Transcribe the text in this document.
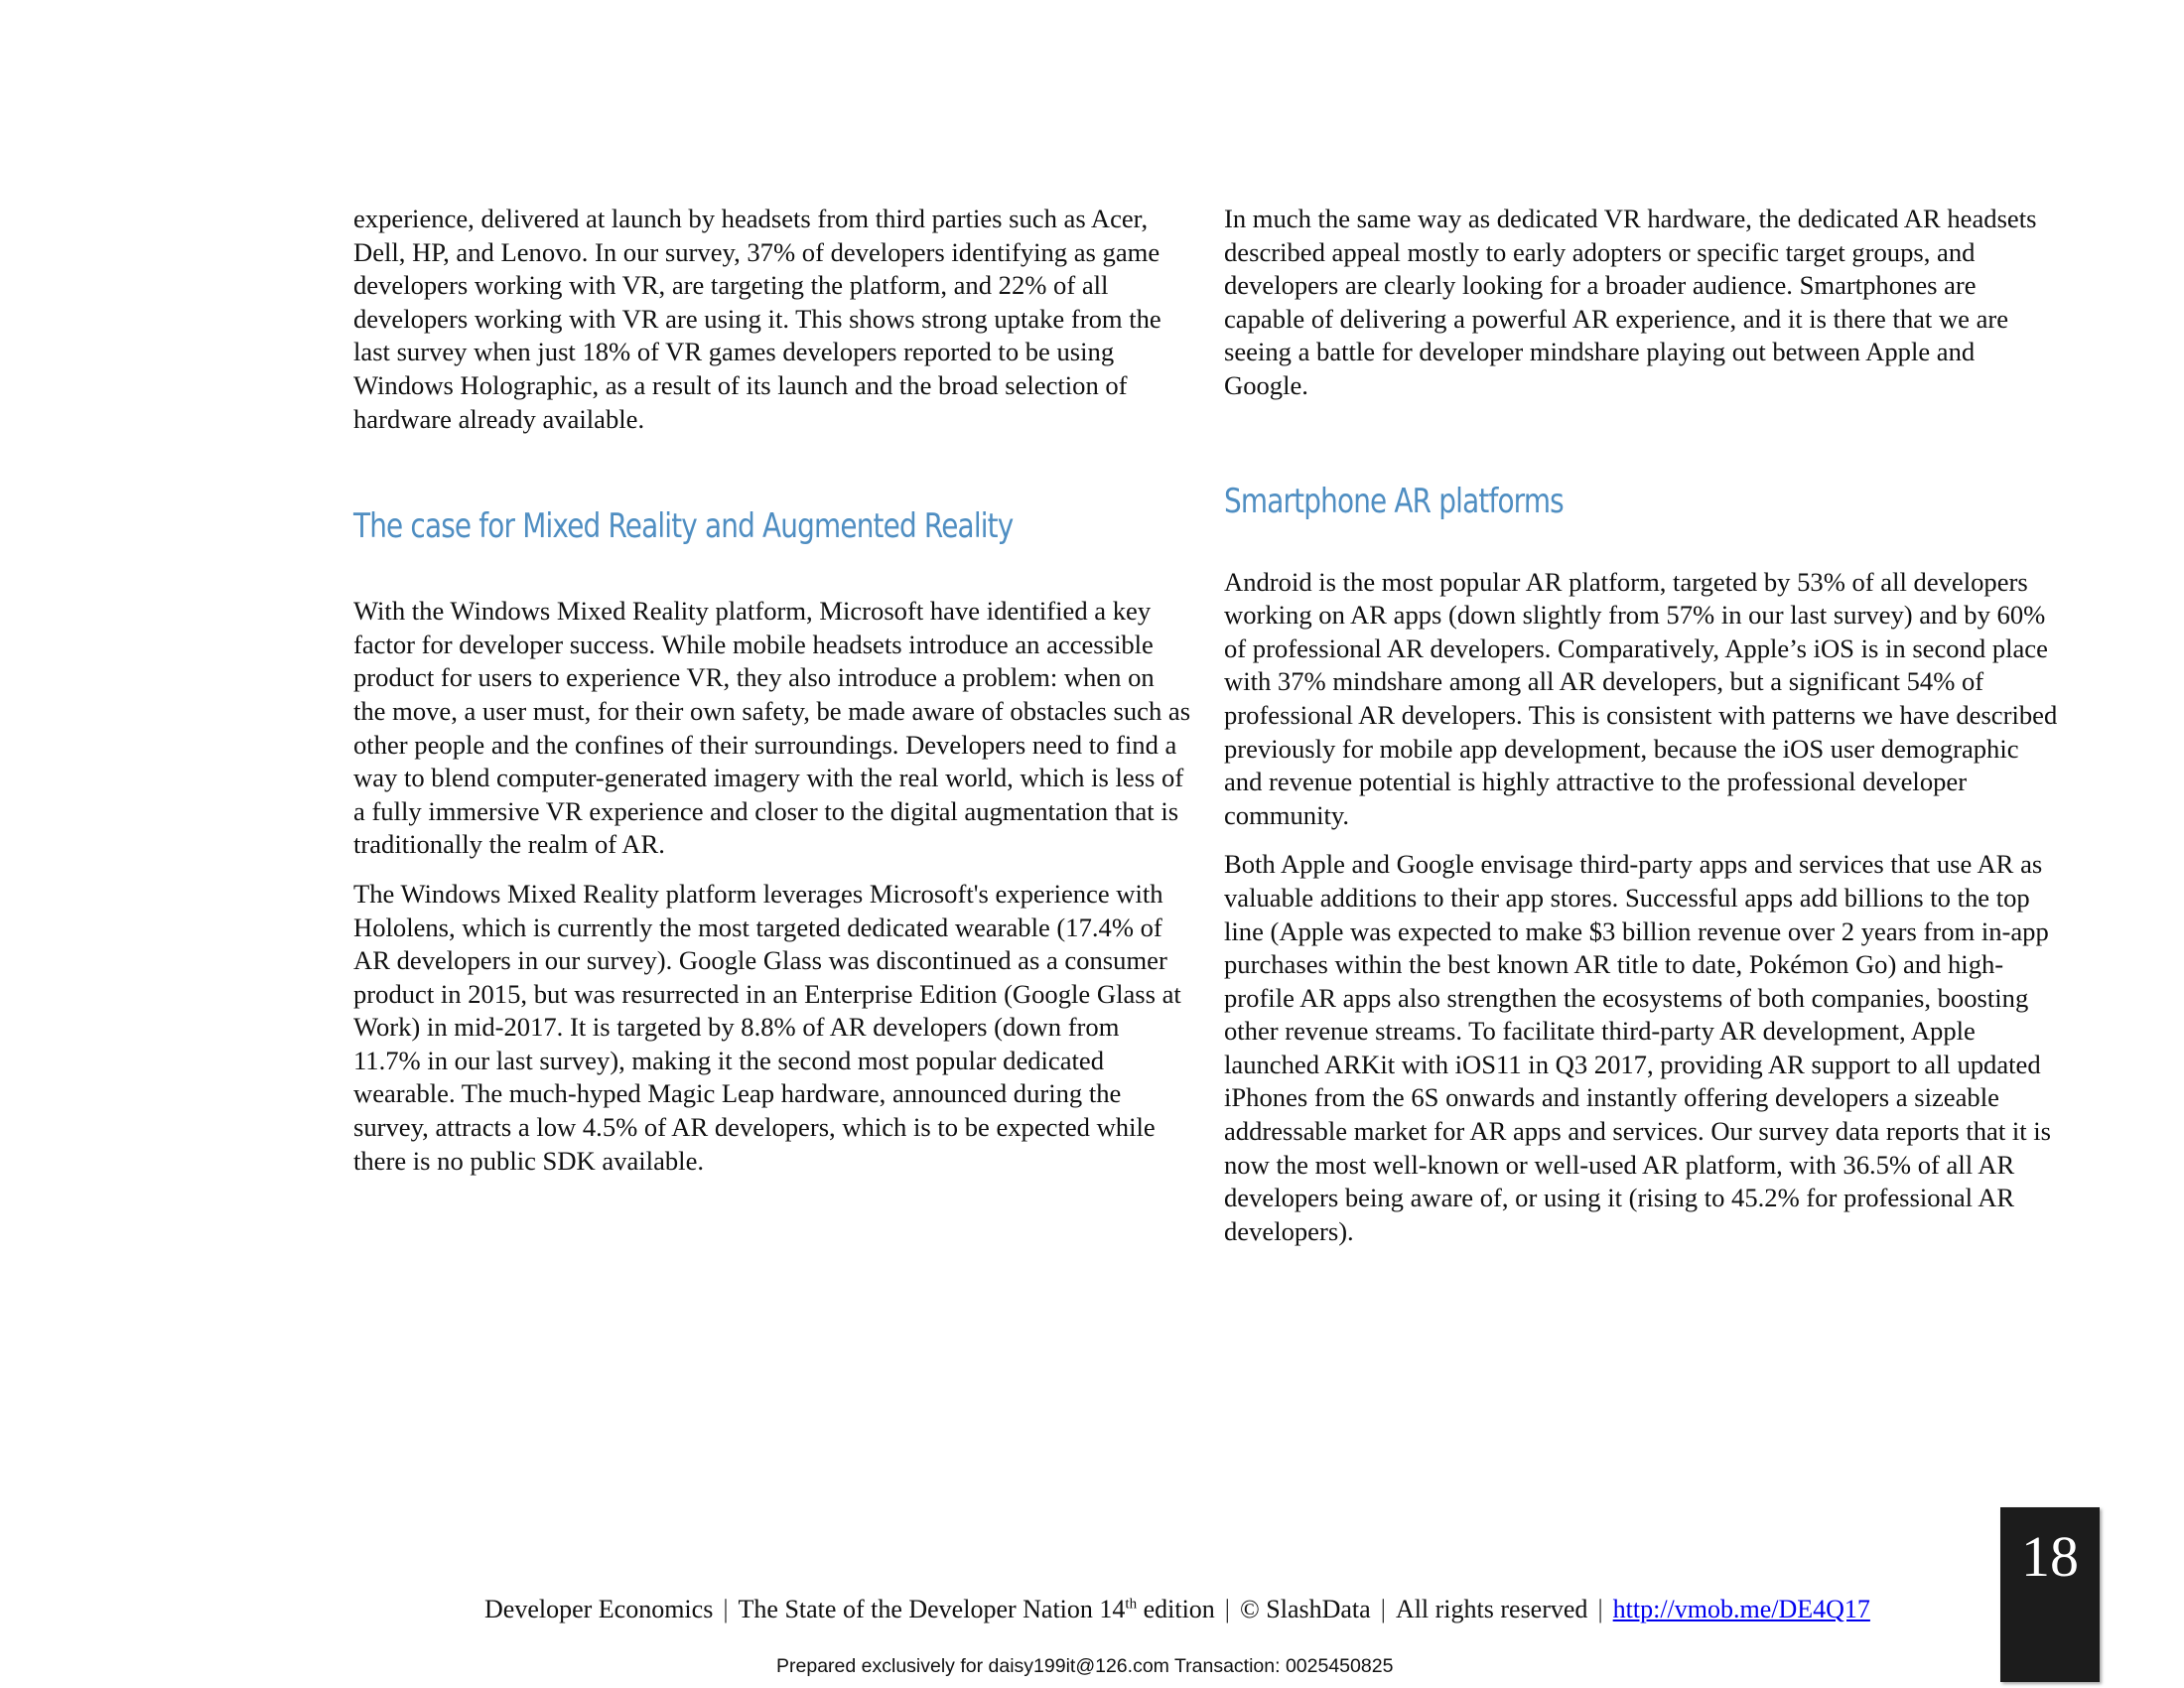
experience, delivered at launch by headsets from third parties such as Acer, Dell, HP, and Lenovo. In our survey, 37% of developers identifying as game developers working with VR, are targeting the platform, and 22% of all developers working with VR are using it. This shows strong uptake from the last survey when just 18% of VR games developers reported to be using Windows Holographic, as a result of its launch and the broad selection of hardware already available.

The case for Mixed Reality and Augmented Reality

With the Windows Mixed Reality platform, Microsoft have identified a key factor for developer success. While mobile headsets introduce an accessible product for users to experience VR, they also introduce a problem: when on the move, a user must, for their own safety, be made aware of obstacles such as other people and the confines of their surroundings. Developers need to find a way to blend computer-generated imagery with the real world, which is less of a fully immersive VR experience and closer to the digital augmentation that is traditionally the realm of AR.

The Windows Mixed Reality platform leverages Microsoft's experience with Hololens, which is currently the most targeted dedicated wearable (17.4% of AR developers in our survey). Google Glass was discontinued as a consumer product in 2015, but was resurrected in an Enterprise Edition (Google Glass at Work) in mid-2017. It is targeted by 8.8% of AR developers (down from 11.7% in our last survey), making it the second most popular dedicated wearable. The much-hyped Magic Leap hardware, announced during the survey, attracts a low 4.5% of AR developers, which is to be expected while there is no public SDK available.

In much the same way as dedicated VR hardware, the dedicated AR headsets described appeal mostly to early adopters or specific target groups, and developers are clearly looking for a broader audience. Smartphones are capable of delivering a powerful AR experience, and it is there that we are seeing a battle for developer mindshare playing out between Apple and Google.

Smartphone AR platforms

Android is the most popular AR platform, targeted by 53% of all developers working on AR apps (down slightly from 57% in our last survey) and by 60% of professional AR developers. Comparatively, Apple’s iOS is in second place with 37% mindshare among all AR developers, but a significant 54% of professional AR developers. This is consistent with patterns we have described previously for mobile app development, because the iOS user demographic and revenue potential is highly attractive to the professional developer community.

Both Apple and Google envisage third-party apps and services that use AR as valuable additions to their app stores. Successful apps add billions to the top line (Apple was expected to make $3 billion revenue over 2 years from in-app purchases within the best known AR title to date, Pokémon Go) and high-profile AR apps also strengthen the ecosystems of both companies, boosting other revenue streams. To facilitate third-party AR development, Apple launched ARKit with iOS11 in Q3 2017, providing AR support to all updated iPhones from the 6S onwards and instantly offering developers a sizeable addressable market for AR apps and services. Our survey data reports that it is now the most well-known or well-used AR platform, with 36.5% of all AR developers being aware of, or using it (rising to 45.2% for professional AR developers).

Developer Economics | The State of the Developer Nation 14th edition | © SlashData | All rights reserved | http://vmob.me/DE4Q17
Prepared exclusively for daisy199it@126.com Transaction: 0025450825
18
